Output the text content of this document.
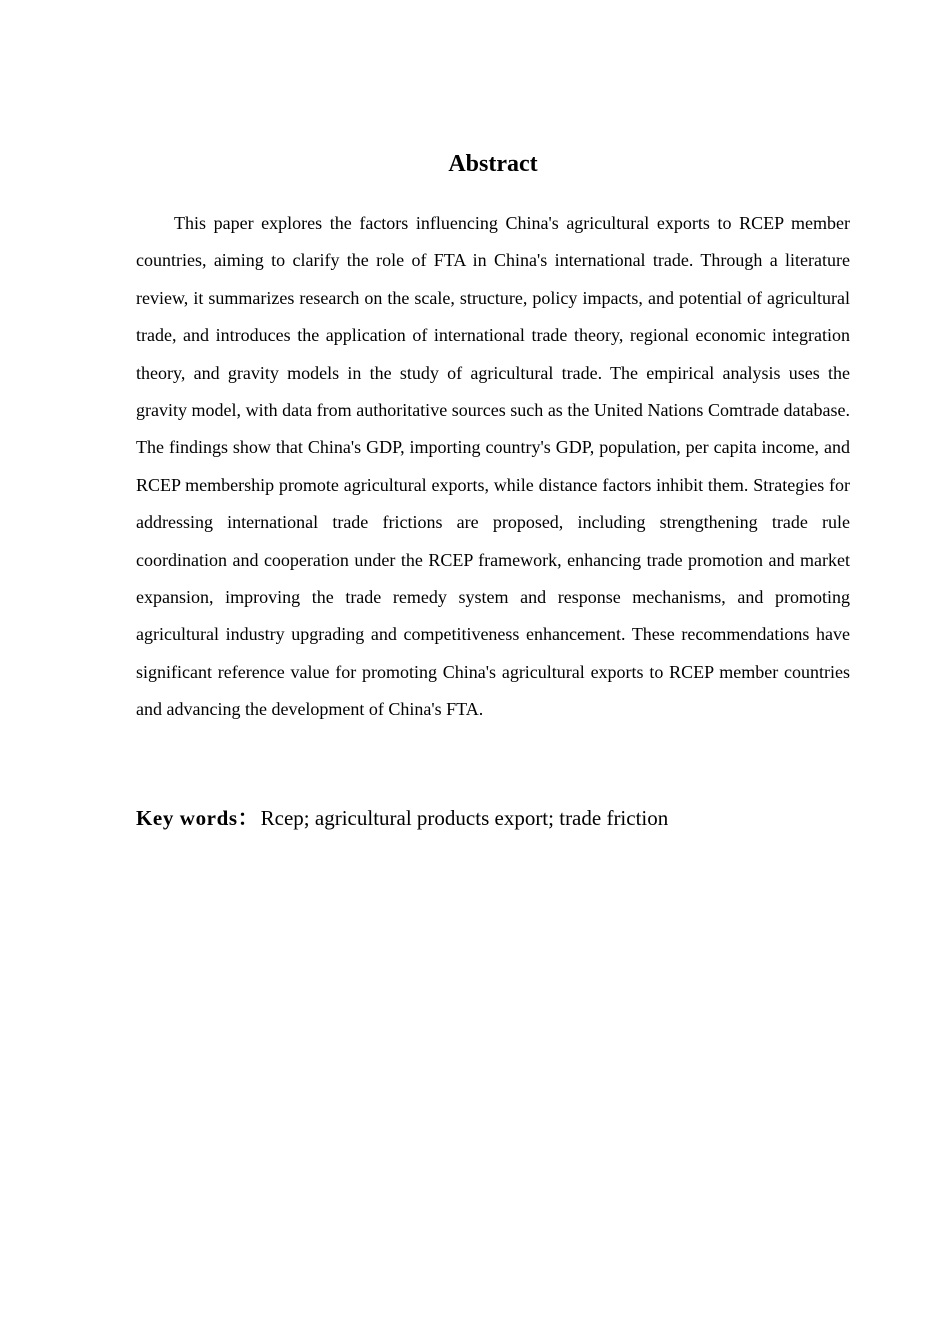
Abstract

This paper explores the factors influencing China's agricultural exports to RCEP member countries, aiming to clarify the role of FTA in China's international trade. Through a literature review, it summarizes research on the scale, structure, policy impacts, and potential of agricultural trade, and introduces the application of international trade theory, regional economic integration theory, and gravity models in the study of agricultural trade. The empirical analysis uses the gravity model, with data from authoritative sources such as the United Nations Comtrade database. The findings show that China's GDP, importing country's GDP, population, per capita income, and RCEP membership promote agricultural exports, while distance factors inhibit them. Strategies for addressing international trade frictions are proposed, including strengthening trade rule coordination and cooperation under the RCEP framework, enhancing trade promotion and market expansion, improving the trade remedy system and response mechanisms, and promoting agricultural industry upgrading and competitiveness enhancement. These recommendations have significant reference value for promoting China's agricultural exports to RCEP member countries and advancing the development of China's FTA.

Key words：Rcep; agricultural products export; trade friction
